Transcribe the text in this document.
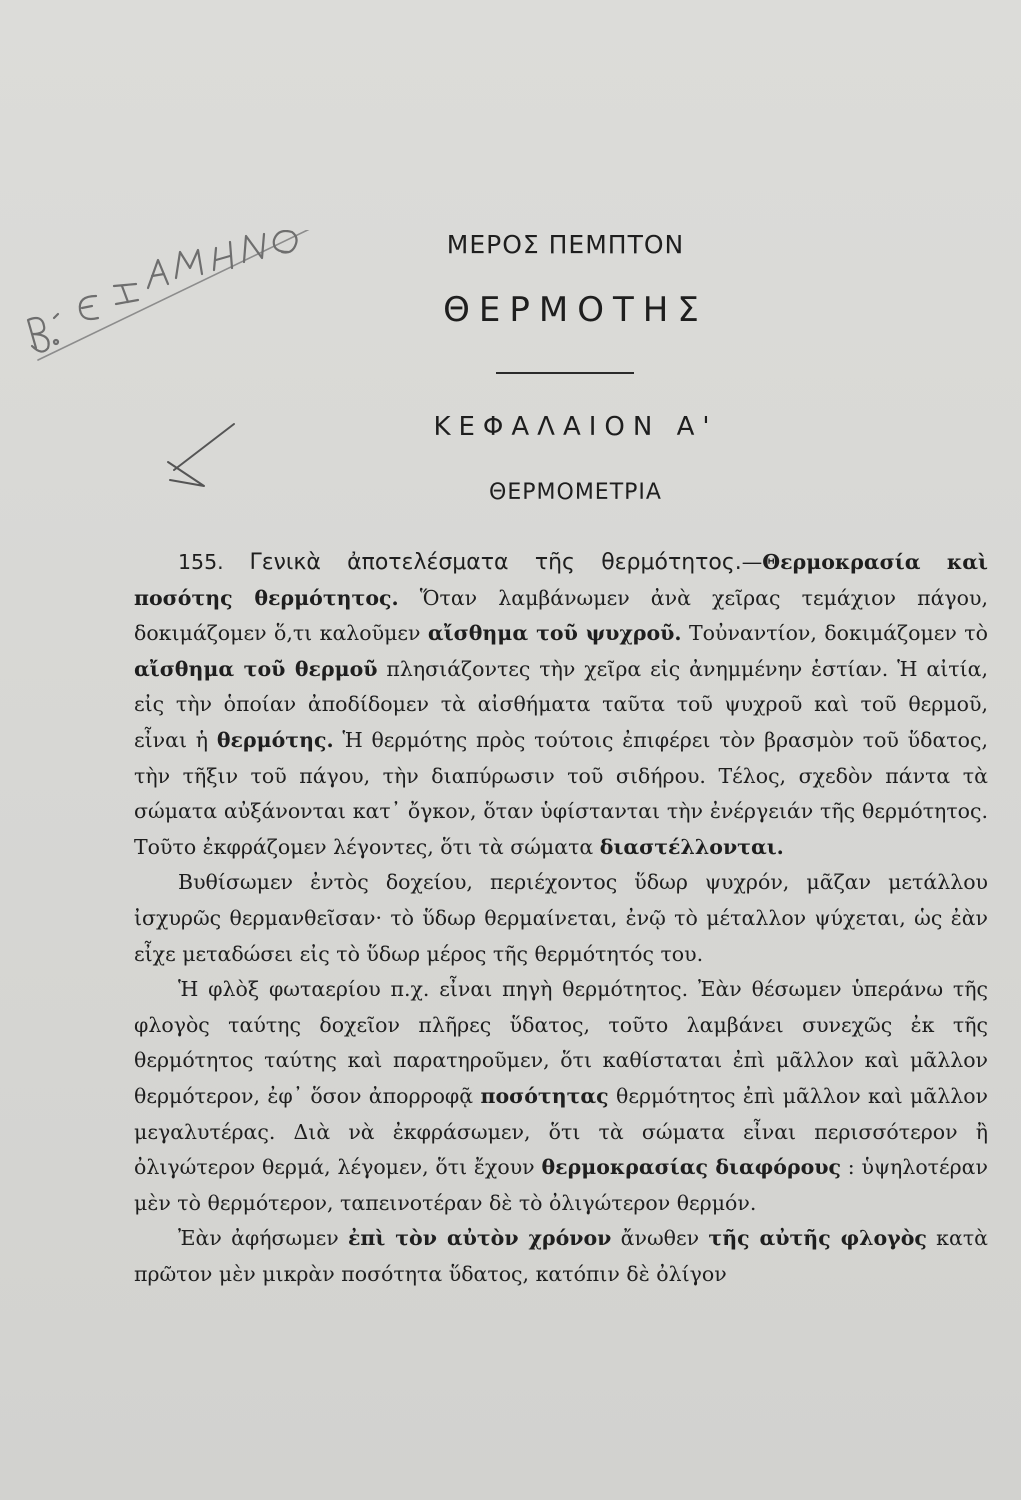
ΜΕΡΟΣ ΠΕΜΠΤΟΝ
ΘΕΡΜΟΤΗΣ
ΚΕΦΑΛΑΙΟΝ Α'
ΘΕΡΜΟΜΕΤΡΙΑ

155. Γενικὰ ἀποτελέσματα τῆς θερμότητος.—Θερμοκρασία καὶ ποσότης θερμότητος. Ὅταν λαμβάνωμεν ἀνὰ χεῖρας τεμάχιον πάγου, δοκιμάζομεν ὅ,τι καλοῦμεν αἴσθημα τοῦ ψυχροῦ. Τοὐναντίον, δοκιμάζομεν τὸ αἴσθημα τοῦ θερμοῦ πλησιάζοντες τὴν χεῖρα εἰς ἀνημμένην ἑστίαν. Ἡ αἰτία, εἰς τὴν ὁποίαν ἀποδίδομεν τὰ αἰσθήματα ταῦτα τοῦ ψυχροῦ καὶ τοῦ θερμοῦ, εἶναι ἡ θερμότης. Ἡ θερμότης πρὸς τούτοις ἐπιφέρει τὸν βρασμὸν τοῦ ὕδατος, τὴν τῆξιν τοῦ πάγου, τὴν διαπύρωσιν τοῦ σιδήρου. Τέλος, σχεδὸν πάντα τὰ σώματα αὐξάνονται κατ᾿ ὄγκον, ὅταν ὑφίστανται τὴν ἐνέργειάν τῆς θερμότητος. Τοῦτο ἐκφράζομεν λέγοντες, ὅτι τὰ σώματα διαστέλλονται.

Βυθίσωμεν ἐντὸς δοχείου, περιέχοντος ὕδωρ ψυχρόν, μᾶζαν μετάλλου ἰσχυρῶς θερμανθεῖσαν· τὸ ὕδωρ θερμαίνεται, ἐνῷ τὸ μέταλλον ψύχεται, ὡς ἐὰν εἶχε μεταδώσει εἰς τὸ ὕδωρ μέρος τῆς θερμότητός του.

Ἡ φλὸξ φωταερίου π.χ. εἶναι πηγὴ θερμότητος. Ἐὰν θέσωμεν ὑπεράνω τῆς φλογὸς ταύτης δοχεῖον πλῆρες ὕδατος, τοῦτο λαμβάνει συνεχῶς ἐκ τῆς θερμότητος ταύτης καὶ παρατηροῦμεν, ὅτι καθίσταται ἐπὶ μᾶλλον καὶ μᾶλλον θερμότερον, ἐφ᾿ ὅσον ἀπορροφᾷ ποσότητας θερμότητος ἐπὶ μᾶλλον καὶ μᾶλλον μεγαλυτέρας. Διὰ νὰ ἐκφράσωμεν, ὅτι τὰ σώματα εἶναι περισσότερον ἢ ὀλιγώτερον θερμά, λέγομεν, ὅτι ἔχουν θερμοκρασίας διαφόρους : ὑψηλοτέραν μὲν τὸ θερμότερον, ταπεινοτέραν δὲ τὸ ὀλιγώτερον θερμόν.

Ἐὰν ἀφήσωμεν ἐπὶ τὸν αὐτὸν χρόνον ἄνωθεν τῆς αὐτῆς φλογὸς κατὰ πρῶτον μὲν μικρὰν ποσότητα ὕδατος, κατόπιν δὲ ὀλίγον
